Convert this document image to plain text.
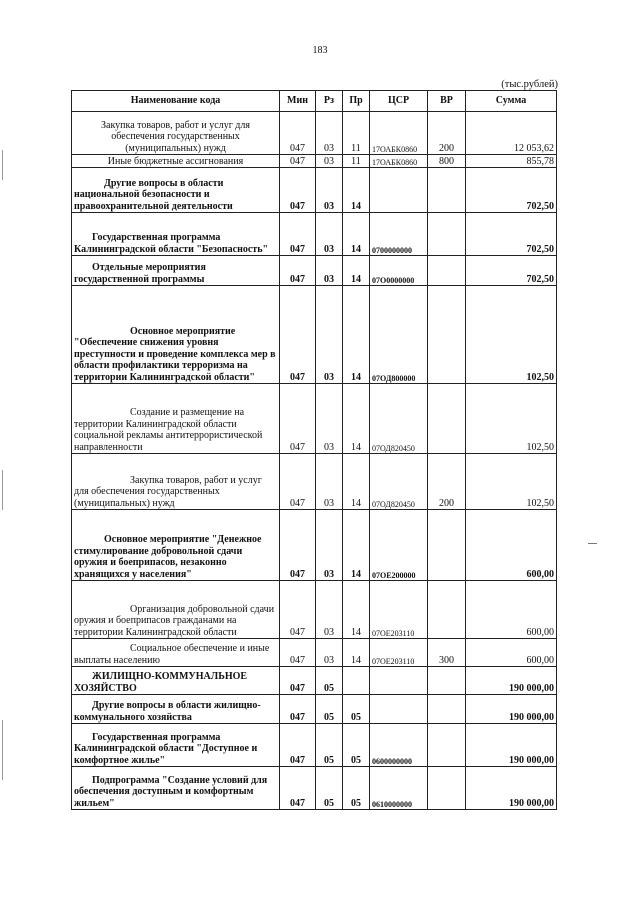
183
(тыс.рублей)
Наименование кода	Мин	Рз	Пр	ЦСР	ВР	Сумма
Закупка товаров, работ и услуг для обеспечения государственных (муниципальных) нужд	047	03	11	17ОАБК0860	200	12 053,62
Иные бюджетные ассигнования	047	03	11	17ОАБК0860	800	855,78
Другие вопросы в области национальной безопасности и правоохранительной деятельности	047	03	14			702,50
Государственная программа Калининградской области "Безопасность"	047	03	14	0700000000		702,50
Отдельные мероприятия государственной программы	047	03	14	07О0000000		702,50
Основное мероприятие "Обеспечение снижения уровня преступности и проведение комплекса мер в области профилактики терроризма на территории Калининградской области"	047	03	14	07ОД800000		102,50
Создание и размещение на территории Калининградской области социальной рекламы антитеррористической направленности	047	03	14	07ОД820450		102,50
Закупка товаров, работ и услуг для обеспечения государственных (муниципальных) нужд	047	03	14	07ОД820450	200	102,50
Основное мероприятие "Денежное стимулирование добровольной сдачи оружия и боеприпасов, незаконно хранящихся у населения"	047	03	14	07ОЕ200000		600,00
Организация добровольной сдачи оружия и боеприпасов гражданами на территории Калининградской области	047	03	14	07ОЕ203110		600,00
Социальное обеспечение и иные выплаты населению	047	03	14	07ОЕ203110	300	600,00
ЖИЛИЩНО-КОММУНАЛЬНОЕ ХОЗЯЙСТВО	047	05				190 000,00
Другие вопросы в области жилищно-коммунального хозяйства	047	05	05			190 000,00
Государственная программа Калининградской области "Доступное и комфортное жилье"	047	05	05	0600000000		190 000,00
Подпрограмма "Создание условий для обеспечения доступным и комфортным жильем"	047	05	05	0610000000		190 000,00
